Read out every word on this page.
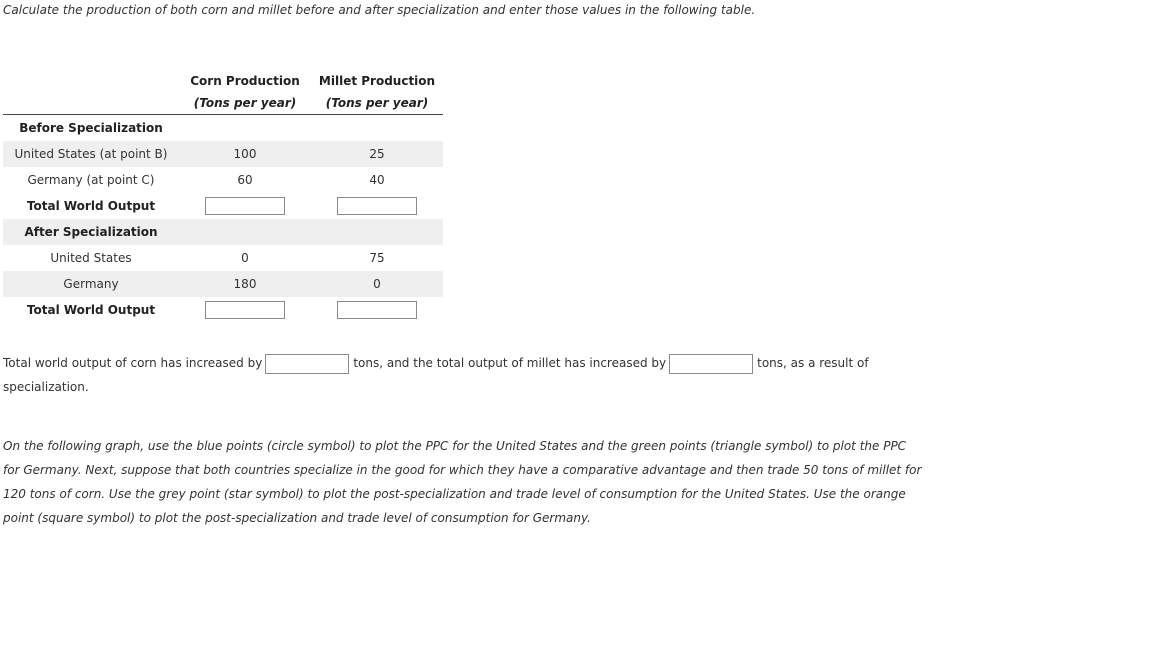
Calculate the production of both corn and millet before and after specialization and enter those values in the following table.
	Corn Production	Millet Production
	(Tons per year)	(Tons per year)
Before Specialization		
United States (at point B)	100	25
Germany (at point C)	60	40
Total World Output		
After Specialization		
United States	0	75
Germany	180	0
Total World Output		
Total world output of corn has increased by	tons, and the total output of millet has increased by	tons, as a result of specialization.
On the following graph, use the blue points (circle symbol) to plot the PPC for the United States and the green points (triangle symbol) to plot the PPC for Germany. Next, suppose that both countries specialize in the good for which they have a comparative advantage and then trade 50 tons of millet for 120 tons of corn. Use the grey point (star symbol) to plot the post-specialization and trade level of consumption for the United States. Use the orange point (square symbol) to plot the post-specialization and trade level of consumption for Germany.
